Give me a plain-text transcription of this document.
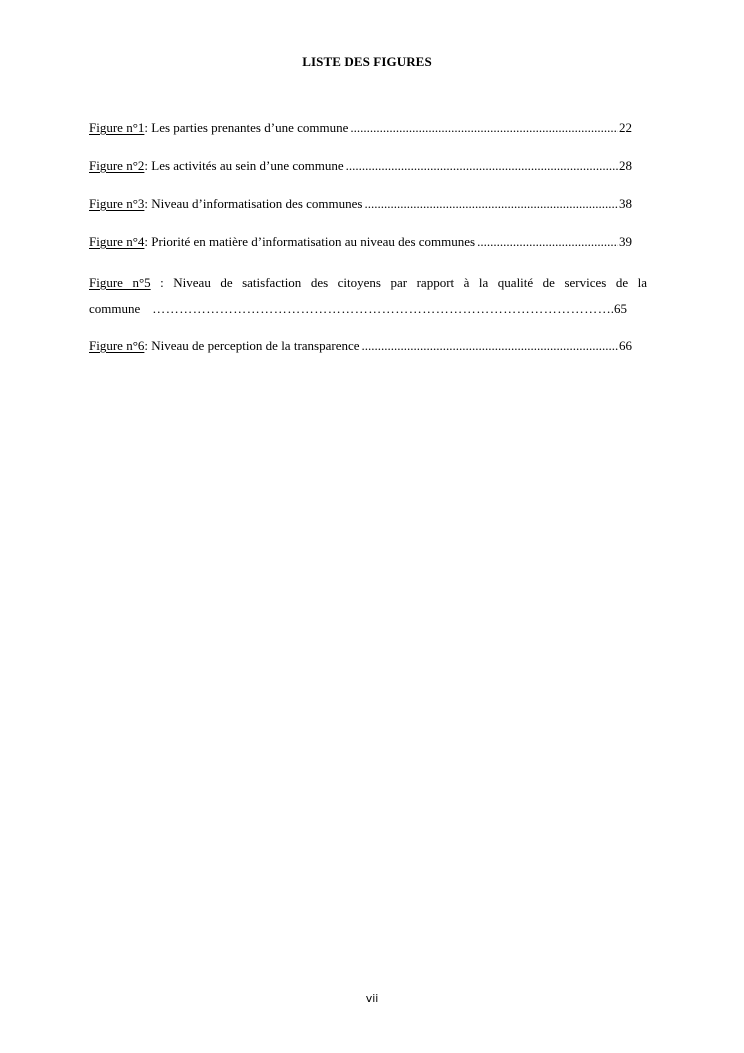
LISTE DES FIGURES
Figure n°1 : Les parties prenantes d’une commune .....	22
Figure n°2 : Les activités au sein d’une commune .....	28
Figure n°3 : Niveau d’informatisation des communes .....	38
Figure n°4 : Priorité en matière d’informatisation au niveau des communes .....	39
Figure n°5 : Niveau de satisfaction des citoyens par rapport à la qualité de services de la
commune ……………………………………………………………………………………………………………………………………	.65
Figure n°6 : Niveau de perception de la transparence .....	66
vii
